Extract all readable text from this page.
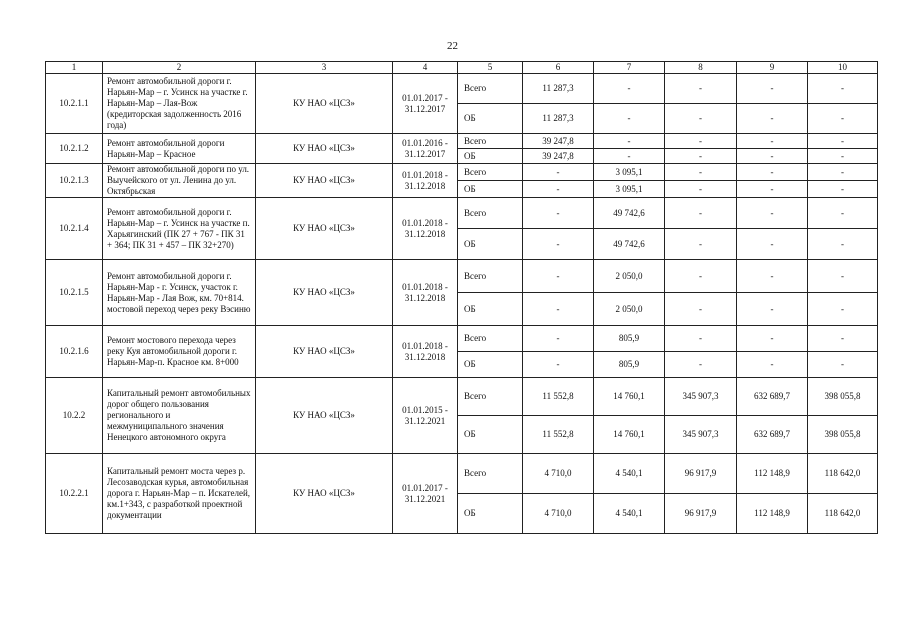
22
1	2	3	4	5	6	7	8	9	10
10.2.1.1	Ремонт автомобильной дороги г. Нарьян-Мар – г. Усинск на участке г. Нарьян-Мар – Лая-Вож (кредиторская задолженность 2016 года)	КУ НАО «ЦСЗ»	01.01.2017 - 31.12.2017	Всего	11 287,3	-	-	-	-
				ОБ	11 287,3	-	-	-	-
10.2.1.2	Ремонт автомобильной дороги Нарьян-Мар – Красное	КУ НАО «ЦСЗ»	01.01.2016 - 31.12.2017	Всего	39 247,8	-	-	-	-
				ОБ	39 247,8	-	-	-	-
10.2.1.3	Ремонт автомобильной дороги по ул. Выучейского от ул. Ленина до ул. Октябрьская	КУ НАО «ЦСЗ»	01.01.2018 - 31.12.2018	Всего	-	3 095,1	-	-	-
				ОБ	-	3 095,1	-	-	-
10.2.1.4	Ремонт автомобильной дороги г. Нарьян-Мар – г. Усинск на участке п. Харьягинский (ПК 27 + 767 - ПК 31 + 364; ПК 31 + 457 – ПК 32+270)	КУ НАО «ЦСЗ»	01.01.2018 - 31.12.2018	Всего	-	49 742,6	-	-	-
				ОБ	-	49 742,6	-	-	-
10.2.1.5	Ремонт автомобильной дороги г. Нарьян-Мар - г. Усинск, участок г. Нарьян-Мар - Лая Вож, км. 70+814. мостовой переход через реку Вэсиню	КУ НАО «ЦСЗ»	01.01.2018 - 31.12.2018	Всего	-	2 050,0	-	-	-
				ОБ	-	2 050,0	-	-	-
10.2.1.6	Ремонт мостового перехода через реку Куя автомобильной дороги г. Нарьян-Мар-п. Красное км. 8+000	КУ НАО «ЦСЗ»	01.01.2018 - 31.12.2018	Всего	-	805,9	-	-	-
				ОБ	-	805,9	-	-	-
10.2.2	Капитальный ремонт автомобильных дорог общего пользования регионального и межмуниципального значения Ненецкого автономного округа	КУ НАО «ЦСЗ»	01.01.2015 - 31.12.2021	Всего	11 552,8	14 760,1	345 907,3	632 689,7	398 055,8
				ОБ	11 552,8	14 760,1	345 907,3	632 689,7	398 055,8
10.2.2.1	Капитальный ремонт моста через р. Лесозаводская курья, автомобильная дорога г. Нарьян-Мар – п. Искателей, км.1+343, с разработкой проектной документации	КУ НАО «ЦСЗ»	01.01.2017 - 31.12.2021	Всего	4 710,0	4 540,1	96 917,9	112 148,9	118 642,0
				ОБ	4 710,0	4 540,1	96 917,9	112 148,9	118 642,0
